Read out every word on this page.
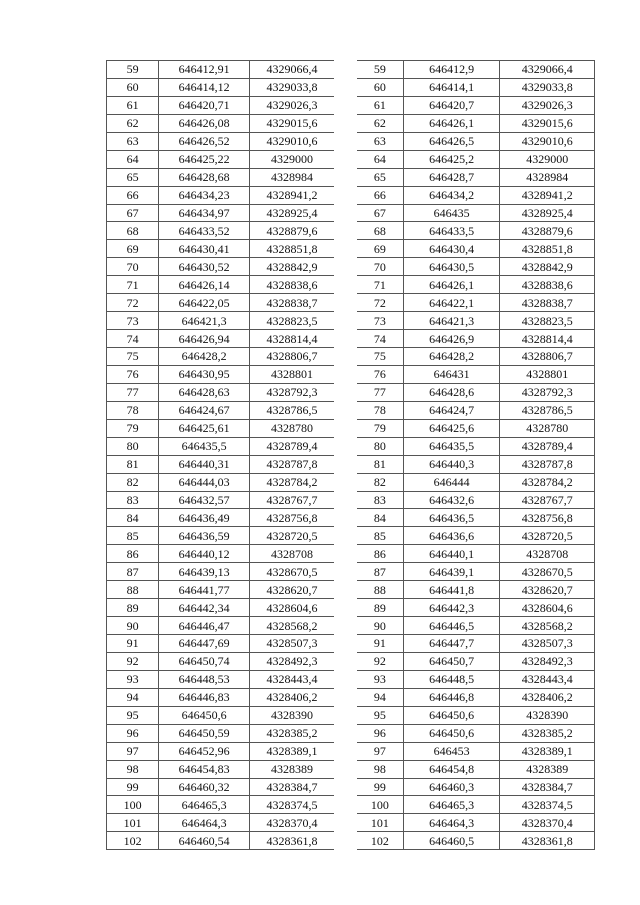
59	646412,91	4329066,4
60	646414,12	4329033,8
61	646420,71	4329026,3
62	646426,08	4329015,6
63	646426,52	4329010,6
64	646425,22	4329000
65	646428,68	4328984
66	646434,23	4328941,2
67	646434,97	4328925,4
68	646433,52	4328879,6
69	646430,41	4328851,8
70	646430,52	4328842,9
71	646426,14	4328838,6
72	646422,05	4328838,7
73	646421,3	4328823,5
74	646426,94	4328814,4
75	646428,2	4328806,7
76	646430,95	4328801
77	646428,63	4328792,3
78	646424,67	4328786,5
79	646425,61	4328780
80	646435,5	4328789,4
81	646440,31	4328787,8
82	646444,03	4328784,2
83	646432,57	4328767,7
84	646436,49	4328756,8
85	646436,59	4328720,5
86	646440,12	4328708
87	646439,13	4328670,5
88	646441,77	4328620,7
89	646442,34	4328604,6
90	646446,47	4328568,2
91	646447,69	4328507,3
92	646450,74	4328492,3
93	646448,53	4328443,4
94	646446,83	4328406,2
95	646450,6	4328390
96	646450,59	4328385,2
97	646452,96	4328389,1
98	646454,83	4328389
99	646460,32	4328384,7
100	646465,3	4328374,5
101	646464,3	4328370,4
102	646460,54	4328361,8
59	646412,9	4329066,4
60	646414,1	4329033,8
61	646420,7	4329026,3
62	646426,1	4329015,6
63	646426,5	4329010,6
64	646425,2	4329000
65	646428,7	4328984
66	646434,2	4328941,2
67	646435	4328925,4
68	646433,5	4328879,6
69	646430,4	4328851,8
70	646430,5	4328842,9
71	646426,1	4328838,6
72	646422,1	4328838,7
73	646421,3	4328823,5
74	646426,9	4328814,4
75	646428,2	4328806,7
76	646431	4328801
77	646428,6	4328792,3
78	646424,7	4328786,5
79	646425,6	4328780
80	646435,5	4328789,4
81	646440,3	4328787,8
82	646444	4328784,2
83	646432,6	4328767,7
84	646436,5	4328756,8
85	646436,6	4328720,5
86	646440,1	4328708
87	646439,1	4328670,5
88	646441,8	4328620,7
89	646442,3	4328604,6
90	646446,5	4328568,2
91	646447,7	4328507,3
92	646450,7	4328492,3
93	646448,5	4328443,4
94	646446,8	4328406,2
95	646450,6	4328390
96	646450,6	4328385,2
97	646453	4328389,1
98	646454,8	4328389
99	646460,3	4328384,7
100	646465,3	4328374,5
101	646464,3	4328370,4
102	646460,5	4328361,8
